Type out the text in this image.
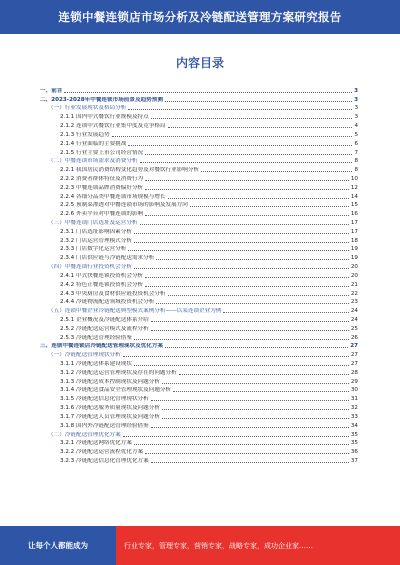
连锁中餐连锁店市场分析及冷链配送管理方案研究报告
内容目录
一、前言	3
二、2023-2028年中餐连锁市场前景及趋势预测	3
（一）行业发展现状及格局分析	3
2.1.1 国内中式餐饮行业规模及特点	3
2.1.2 连锁中式餐饮行业集中度及竞争格局	4
2.1.3 行业发展趋势	5
2.1.4 行业面临的主要挑战	6
2.1.5 行业主要上市公司经营情况	7
（二）中餐连锁市场需求及消费分析	8
2.2.1 我国居民消费结构变化趋势及对餐饮行业影响分析	8
2.2.2 消费者群体特征及消费行为	10
2.2.3 中餐连锁品牌消费偏好分析	12
2.2.4 各细分品类中餐连锁市场规模与增长	14
2.2.5 预制菜渗透对中餐连锁市场的影响及发展方向	15
2.2.6 外卖平台对中餐连锁的影响	16
（三）中餐连锁门店选址及运营分析	17
2.3.1 门店选址影响因素分析	17
2.3.2 门店运营管理模式分析	18
2.3.3 门店数字化运营分析	19
2.3.4 门店供应链与冷链配送需求分析	19
（四）中餐连锁行业投资机会分析	20
2.4.1 中式快餐连锁投资机会分析	20
2.4.2 特色正餐连锁投资机会分析	21
2.4.3 中央厨房及食材供应链投资机会分析	22
2.4.4 冷链物流配送领域投资机会分析	23
（五）连锁中餐企业冷链配送典型模式案例分析——以某连锁企业为例	24
2.5.1 企业概况及冷链配送体系介绍	24
2.5.2 冷链配送运营模式及流程分析	25
2.5.3 冷链配送管理经验借鉴	26
三、连锁中餐连锁店冷链配送管理现状及优化方案	27
（一）冷链配送管理现状分析	27
3.1.1 冷链配送体系建设现状	27
3.1.2 冷链配送运营管理现状及存在的问题分析	28
3.1.3 冷链配送成本控制现状及问题分析	29
3.1.4 冷链配送食品安全管理现状及问题分析	30
3.1.5 冷链配送信息化管理现状分析	31
3.1.6 冷链配送服务质量现状及问题分析	32
3.1.7 冷链配送人员管理现状及问题分析	33
3.1.8 国内外冷链配送管理经验借鉴	34
（二）冷链配送管理优化方案	35
3.2.1 冷链配送网络优化方案	35
3.2.2 冷链配送运营流程优化方案	36
3.2.3 冷链配送信息化管理优化方案	37
让每个人都能成为	行业专家，管理专家，营销专家，战略专家，成功企业家……
